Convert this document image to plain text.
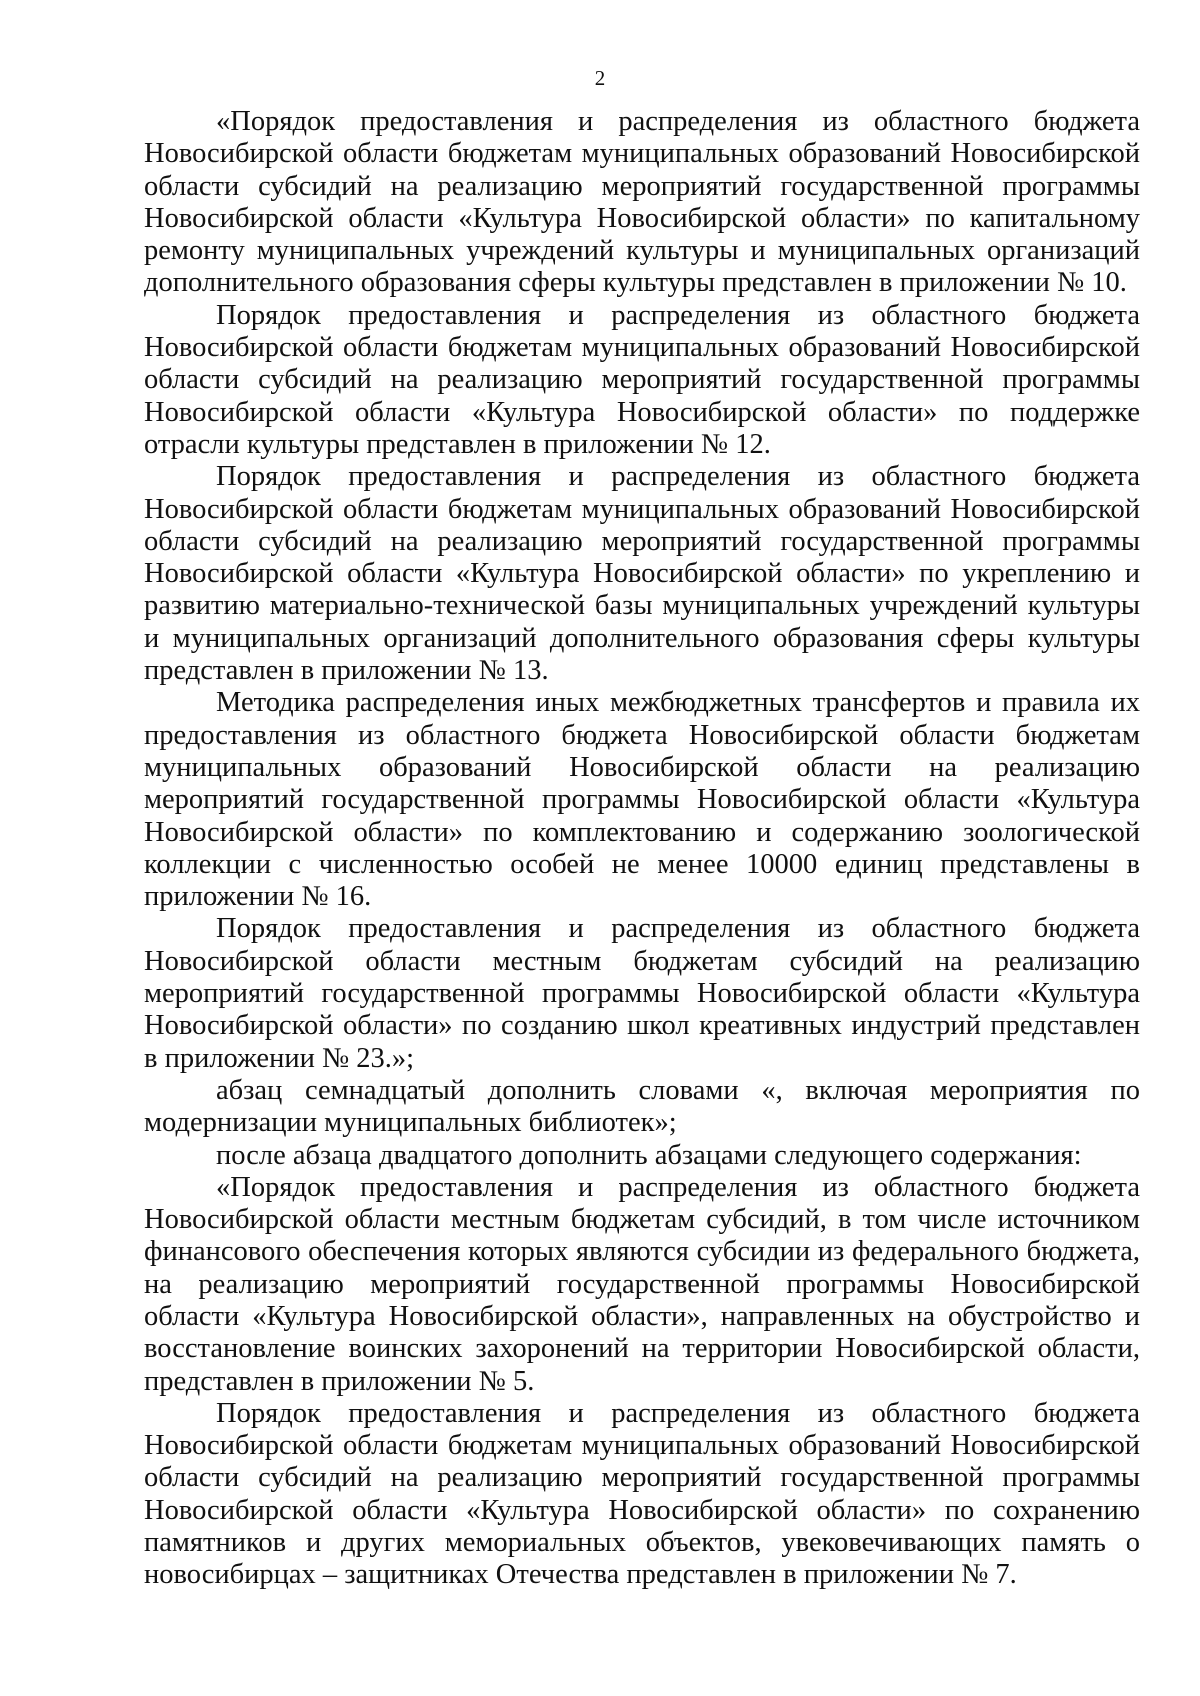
2

«Порядок предоставления и распределения из областного бюджета Новосибирской области бюджетам муниципальных образований Новосибирской области субсидий на реализацию мероприятий государственной программы Новосибирской области «Культура Новосибирской области» по капитальному ремонту муниципальных учреждений культуры и муниципальных организаций дополнительного образования сферы культуры представлен в приложении № 10.

Порядок предоставления и распределения из областного бюджета Новосибирской области бюджетам муниципальных образований Новосибирской области субсидий на реализацию мероприятий государственной программы Новосибирской области «Культура Новосибирской области» по поддержке отрасли культуры представлен в приложении № 12.

Порядок предоставления и распределения из областного бюджета Новосибирской области бюджетам муниципальных образований Новосибирской области субсидий на реализацию мероприятий государственной программы Новосибирской области «Культура Новосибирской области» по укреплению и развитию материально-технической базы муниципальных учреждений культуры и муниципальных организаций дополнительного образования сферы культуры представлен в приложении № 13.

Методика распределения иных межбюджетных трансфертов и правила их предоставления из областного бюджета Новосибирской области бюджетам муниципальных образований Новосибирской области на реализацию мероприятий государственной программы Новосибирской области «Культура Новосибирской области» по комплектованию и содержанию зоологической коллекции с численностью особей не менее 10000 единиц представлены в приложении № 16.

Порядок предоставления и распределения из областного бюджета Новосибирской области местным бюджетам субсидий на реализацию мероприятий государственной программы Новосибирской области «Культура Новосибирской области» по созданию школ креативных индустрий представлен в приложении № 23.»;

абзац семнадцатый дополнить словами «, включая мероприятия по модернизации муниципальных библиотек»;

после абзаца двадцатого дополнить абзацами следующего содержания:

«Порядок предоставления и распределения из областного бюджета Новосибирской области местным бюджетам субсидий, в том числе источником финансового обеспечения которых являются субсидии из федерального бюджета, на реализацию мероприятий государственной программы Новосибирской области «Культура Новосибирской области», направленных на обустройство и восстановление воинских захоронений на территории Новосибирской области, представлен в приложении № 5.

Порядок предоставления и распределения из областного бюджета Новосибирской области бюджетам муниципальных образований Новосибирской области субсидий на реализацию мероприятий государственной программы Новосибирской области «Культура Новосибирской области» по сохранению памятников и других мемориальных объектов, увековечивающих память о новосибирцах – защитниках Отечества представлен в приложении № 7.
